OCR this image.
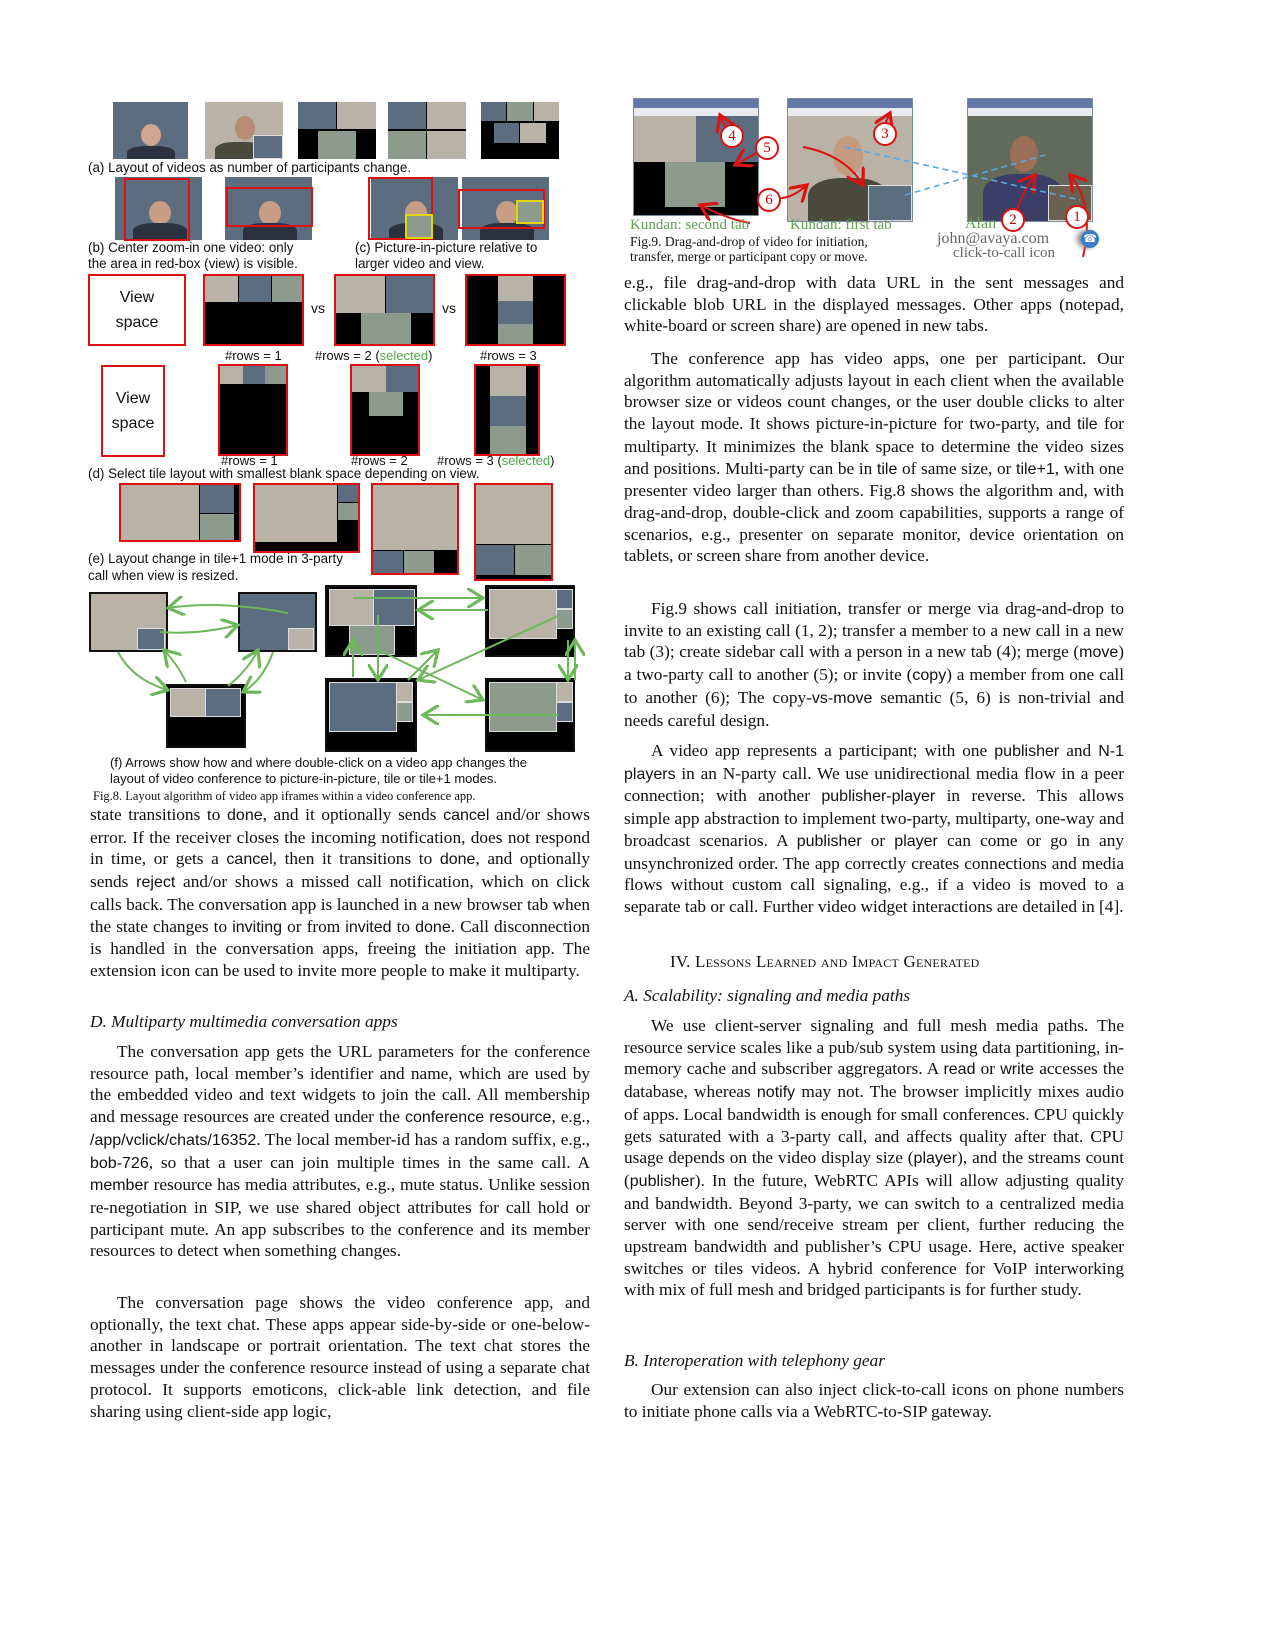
(a) Layout of videos as number of participants change.
(b) Center zoom-in one video: only
the area in red-box (view) is visible.
(c) Picture-in-picture relative to
larger video and view.
View
space
vs	vs
#rows = 1	#rows = 2 (selected)	#rows = 3
View
space
#rows = 1	#rows = 2 #rows = 3 (selected)
(d) Select tile layout with smallest blank space depending on view.
(e) Layout change in tile+1 mode in 3-party
call when view is resized.
(f) Arrows show how and where double-click on a video app changes the
layout of video conference to picture-in-picture, tile or tile+1 modes.
Fig.8. Layout algorithm of video app iframes within a video conference app.
4
5
6
3
2	1
☎
Kundan: second tab	Kundan: first tab	Alan
john@avaya.com
click-to-call icon
Fig.9. Drag-and-drop of video for initiation,
transfer, merge or participant copy or move.
state transitions to done, and it optionally sends cancel and/or shows error. If the receiver closes the incoming notification, does not respond in time, or gets a cancel, then it transitions to done, and optionally sends reject and/or shows a missed call notification, which on click calls back. The conversation app is launched in a new browser tab when the state changes to inviting or from invited to done. Call disconnection is handled in the conversation apps, freeing the initiation app. The extension icon can be used to invite more people to make it multiparty.
D. Multiparty multimedia conversation apps
The conversation app gets the URL parameters for the conference resource path, local member’s identifier and name, which are used by the embedded video and text widgets to join the call. All membership and message resources are created under the conference resource, e.g., /app/vclick/chats/16352. The local member-id has a random suffix, e.g., bob-726, so that a user can join multiple times in the same call. A member resource has media attributes, e.g., mute status. Unlike session re-negotiation in SIP, we use shared object attributes for call hold or participant mute. An app subscribes to the conference and its member resources to detect when something changes.
The conversation page shows the video conference app, and optionally, the text chat. These apps appear side-by-side or one-below-another in landscape or portrait orientation. The text chat stores the messages under the conference resource instead of using a separate chat protocol. It supports emoticons, click-able link detection, and file sharing using client-side app logic,
e.g., file drag-and-drop with data URL in the sent messages and clickable blob URL in the displayed messages. Other apps (notepad, white-board or screen share) are opened in new tabs.
The conference app has video apps, one per participant. Our algorithm automatically adjusts layout in each client when the available browser size or videos count changes, or the user double clicks to alter the layout mode. It shows picture-in-picture for two-party, and tile for multiparty. It minimizes the blank space to determine the video sizes and positions. Multi-party can be in tile of same size, or tile+1, with one presenter video larger than others. Fig.8 shows the algorithm and, with drag-and-drop, double-click and zoom capabilities, supports a range of scenarios, e.g., presenter on separate monitor, device orientation on tablets, or screen share from another device.
Fig.9 shows call initiation, transfer or merge via drag-and-drop to invite to an existing call (1, 2); transfer a member to a new call in a new tab (3); create sidebar call with a person in a new tab (4); merge (move) a two-party call to another (5); or invite (copy) a member from one call to another (6); The copy-vs-move semantic (5, 6) is non-trivial and needs careful design.
A video app represents a participant; with one publisher and N-1 players in an N-party call. We use unidirectional media flow in a peer connection; with another publisher-player in reverse. This allows simple app abstraction to implement two-party, multiparty, one-way and broadcast scenarios. A publisher or player can come or go in any unsynchronized order. The app correctly creates connections and media flows without custom call signaling, e.g., if a video is moved to a separate tab or call. Further video widget interactions are detailed in [4].
IV. Lessons Learned and Impact Generated
A. Scalability: signaling and media paths
We use client-server signaling and full mesh media paths. The resource service scales like a pub/sub system using data partitioning, in-memory cache and subscriber aggregators. A read or write accesses the database, whereas notify may not. The browser implicitly mixes audio of apps. Local bandwidth is enough for small conferences. CPU quickly gets saturated with a 3-party call, and affects quality after that. CPU usage depends on the video display size (player), and the streams count (publisher). In the future, WebRTC APIs will allow adjusting quality and bandwidth. Beyond 3-party, we can switch to a centralized media server with one send/receive stream per client, further reducing the upstream bandwidth and publisher’s CPU usage. Here, active speaker switches or tiles videos. A hybrid conference for VoIP interworking with mix of full mesh and bridged participants is for further study.
B. Interoperation with telephony gear
Our extension can also inject click-to-call icons on phone numbers to initiate phone calls via a WebRTC-to-SIP gateway.
